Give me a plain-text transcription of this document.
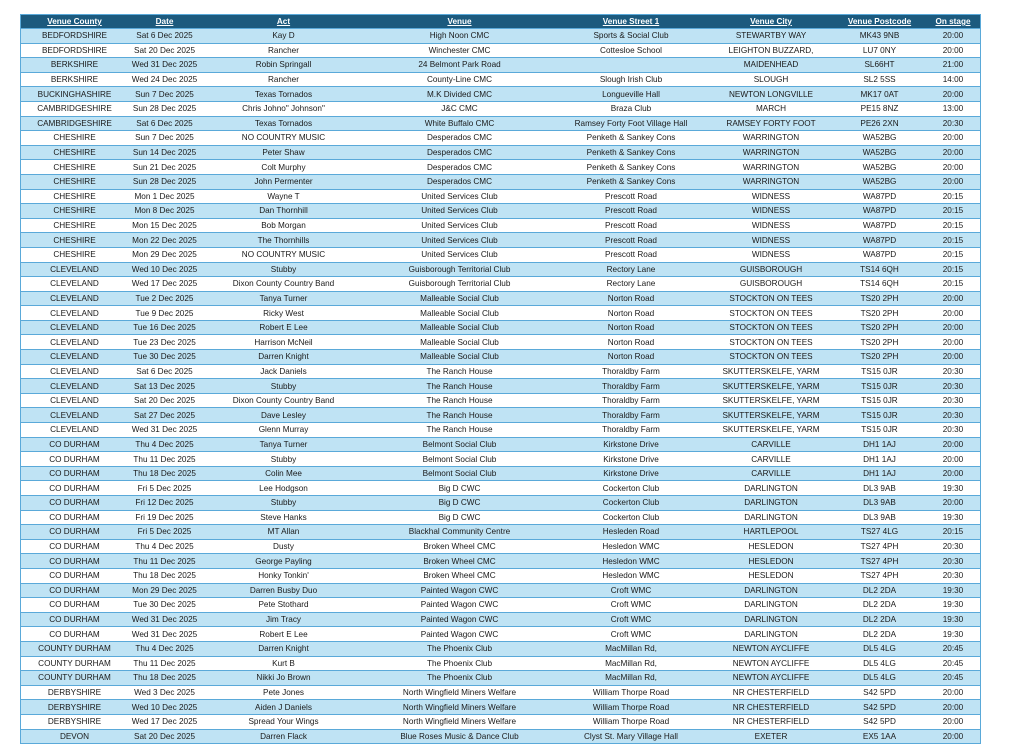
Venue County	Date	Act	Venue	Venue Street 1	Venue City	Venue Postcode	On stage
BEDFORDSHIRE	Sat 6 Dec 2025	Kay D	High Noon CMC	Sports & Social Club	STEWARTBY WAY	MK43 9NB	20:00
BEDFORDSHIRE	Sat 20 Dec 2025	Rancher	Winchester CMC	Cottesloe School	LEIGHTON BUZZARD,	LU7 0NY	20:00
BERKSHIRE	Wed 31 Dec 2025	Robin Springall	24 Belmont Park Road		MAIDENHEAD	SL66HT	21:00
BERKSHIRE	Wed 24 Dec 2025	Rancher	County-Line CMC	Slough Irish Club	SLOUGH	SL2 5SS	14:00
BUCKINGHASHIRE	Sun 7 Dec 2025	Texas Tornados	M.K Divided CMC	Longueville Hall	NEWTON LONGVILLE	MK17 0AT	20:00
CAMBRIDGESHIRE	Sun 28 Dec 2025	Chris Johno" Johnson"	J&C CMC	Braza Club	MARCH	PE15 8NZ	13:00
CAMBRIDGESHIRE	Sat 6 Dec 2025	Texas Tornados	White Buffalo CMC	Ramsey Forty Foot Village Hall	RAMSEY FORTY FOOT	PE26 2XN	20:30
CHESHIRE	Sun 7 Dec 2025	NO COUNTRY MUSIC	Desperados CMC	Penketh & Sankey Cons	WARRINGTON	WA52BG	20:00
CHESHIRE	Sun 14 Dec 2025	Peter Shaw	Desperados CMC	Penketh & Sankey Cons	WARRINGTON	WA52BG	20:00
CHESHIRE	Sun 21 Dec 2025	Colt Murphy	Desperados CMC	Penketh & Sankey Cons	WARRINGTON	WA52BG	20:00
CHESHIRE	Sun 28 Dec 2025	John Permenter	Desperados CMC	Penketh & Sankey Cons	WARRINGTON	WA52BG	20:00
CHESHIRE	Mon 1 Dec 2025	Wayne T	United Services Club	Prescott Road	WIDNESS	WA87PD	20:15
CHESHIRE	Mon 8 Dec 2025	Dan Thornhill	United Services Club	Prescott Road	WIDNESS	WA87PD	20:15
CHESHIRE	Mon 15 Dec 2025	Bob Morgan	United Services Club	Prescott Road	WIDNESS	WA87PD	20:15
CHESHIRE	Mon 22 Dec 2025	The Thornhills	United Services Club	Prescott Road	WIDNESS	WA87PD	20:15
CHESHIRE	Mon 29 Dec 2025	NO COUNTRY MUSIC	United Services Club	Prescott Road	WIDNESS	WA87PD	20:15
CLEVELAND	Wed 10 Dec 2025	Stubby	Guisborough Territorial Club	Rectory Lane	GUISBOROUGH	TS14 6QH	20:15
CLEVELAND	Wed 17 Dec 2025	Dixon County Country Band	Guisborough Territorial Club	Rectory Lane	GUISBOROUGH	TS14 6QH	20:15
CLEVELAND	Tue 2 Dec 2025	Tanya Turner	Malleable Social Club	Norton Road	STOCKTON ON TEES	TS20 2PH	20:00
CLEVELAND	Tue 9 Dec 2025	Ricky West	Malleable Social Club	Norton Road	STOCKTON ON TEES	TS20 2PH	20:00
CLEVELAND	Tue 16 Dec 2025	Robert E Lee	Malleable Social Club	Norton Road	STOCKTON ON TEES	TS20 2PH	20:00
CLEVELAND	Tue 23 Dec 2025	Harrison McNeil	Malleable Social Club	Norton Road	STOCKTON ON TEES	TS20 2PH	20:00
CLEVELAND	Tue 30 Dec 2025	Darren Knight	Malleable Social Club	Norton Road	STOCKTON ON TEES	TS20 2PH	20:00
CLEVELAND	Sat 6 Dec 2025	Jack Daniels	The Ranch House	Thoraldby Farm	SKUTTERSKELFE, YARM	TS15 0JR	20:30
CLEVELAND	Sat 13 Dec 2025	Stubby	The Ranch House	Thoraldby Farm	SKUTTERSKELFE, YARM	TS15 0JR	20:30
CLEVELAND	Sat 20 Dec 2025	Dixon County Country Band	The Ranch House	Thoraldby Farm	SKUTTERSKELFE, YARM	TS15 0JR	20:30
CLEVELAND	Sat 27 Dec 2025	Dave Lesley	The Ranch House	Thoraldby Farm	SKUTTERSKELFE, YARM	TS15 0JR	20:30
CLEVELAND	Wed 31 Dec 2025	Glenn Murray	The Ranch House	Thoraldby Farm	SKUTTERSKELFE, YARM	TS15 0JR	20:30
CO DURHAM	Thu 4 Dec 2025	Tanya Turner	Belmont Social Club	Kirkstone Drive	CARVILLE	DH1 1AJ	20:00
CO DURHAM	Thu 11 Dec 2025	Stubby	Belmont Social Club	Kirkstone Drive	CARVILLE	DH1 1AJ	20:00
CO DURHAM	Thu 18 Dec 2025	Colin Mee	Belmont Social Club	Kirkstone Drive	CARVILLE	DH1 1AJ	20:00
CO DURHAM	Fri 5 Dec 2025	Lee Hodgson	Big D CWC	Cockerton Club	DARLINGTON	DL3 9AB	19:30
CO DURHAM	Fri 12 Dec 2025	Stubby	Big D CWC	Cockerton Club	DARLINGTON	DL3 9AB	20:00
CO DURHAM	Fri 19 Dec 2025	Steve Hanks	Big D CWC	Cockerton Club	DARLINGTON	DL3 9AB	19:30
CO DURHAM	Fri 5 Dec 2025	MT Allan	Blackhal Community Centre	Hesleden Road	HARTLEPOOL	TS27 4LG	20:15
CO DURHAM	Thu 4 Dec 2025	Dusty	Broken Wheel CMC	Hesledon WMC	HESLEDON	TS27 4PH	20:30
CO DURHAM	Thu 11 Dec 2025	George Payling	Broken Wheel CMC	Hesledon WMC	HESLEDON	TS27 4PH	20:30
CO DURHAM	Thu 18 Dec 2025	Honky Tonkin'	Broken Wheel CMC	Hesledon WMC	HESLEDON	TS27 4PH	20:30
CO DURHAM	Mon 29 Dec 2025	Darren Busby Duo	Painted Wagon CWC	Croft WMC	DARLINGTON	DL2 2DA	19:30
CO DURHAM	Tue 30 Dec 2025	Pete Stothard	Painted Wagon CWC	Croft WMC	DARLINGTON	DL2 2DA	19:30
CO DURHAM	Wed 31 Dec 2025	Jim Tracy	Painted Wagon CWC	Croft WMC	DARLINGTON	DL2 2DA	19:30
CO DURHAM	Wed 31 Dec 2025	Robert E Lee	Painted Wagon CWC	Croft WMC	DARLINGTON	DL2 2DA	19:30
COUNTY DURHAM	Thu 4 Dec 2025	Darren Knight	The Phoenix Club	MacMillan Rd,	NEWTON AYCLIFFE	DL5 4LG	20:45
COUNTY DURHAM	Thu 11 Dec 2025	Kurt B	The Phoenix Club	MacMillan Rd,	NEWTON AYCLIFFE	DL5 4LG	20:45
COUNTY DURHAM	Thu 18 Dec 2025	Nikki Jo Brown	The Phoenix Club	MacMillan Rd,	NEWTON AYCLIFFE	DL5 4LG	20:45
DERBYSHIRE	Wed 3 Dec 2025	Pete Jones	North Wingfield Miners Welfare	William Thorpe Road	NR CHESTERFIELD	S42 5PD	20:00
DERBYSHIRE	Wed 10 Dec 2025	Aiden J Daniels	North Wingfield Miners Welfare	William Thorpe Road	NR CHESTERFIELD	S42 5PD	20:00
DERBYSHIRE	Wed 17 Dec 2025	Spread Your Wings	North Wingfield Miners Welfare	William Thorpe Road	NR CHESTERFIELD	S42 5PD	20:00
DEVON	Sat 20 Dec 2025	Darren Flack	Blue Roses Music & Dance Club	Clyst St. Mary Village Hall	EXETER	EX5 1AA	20:00
